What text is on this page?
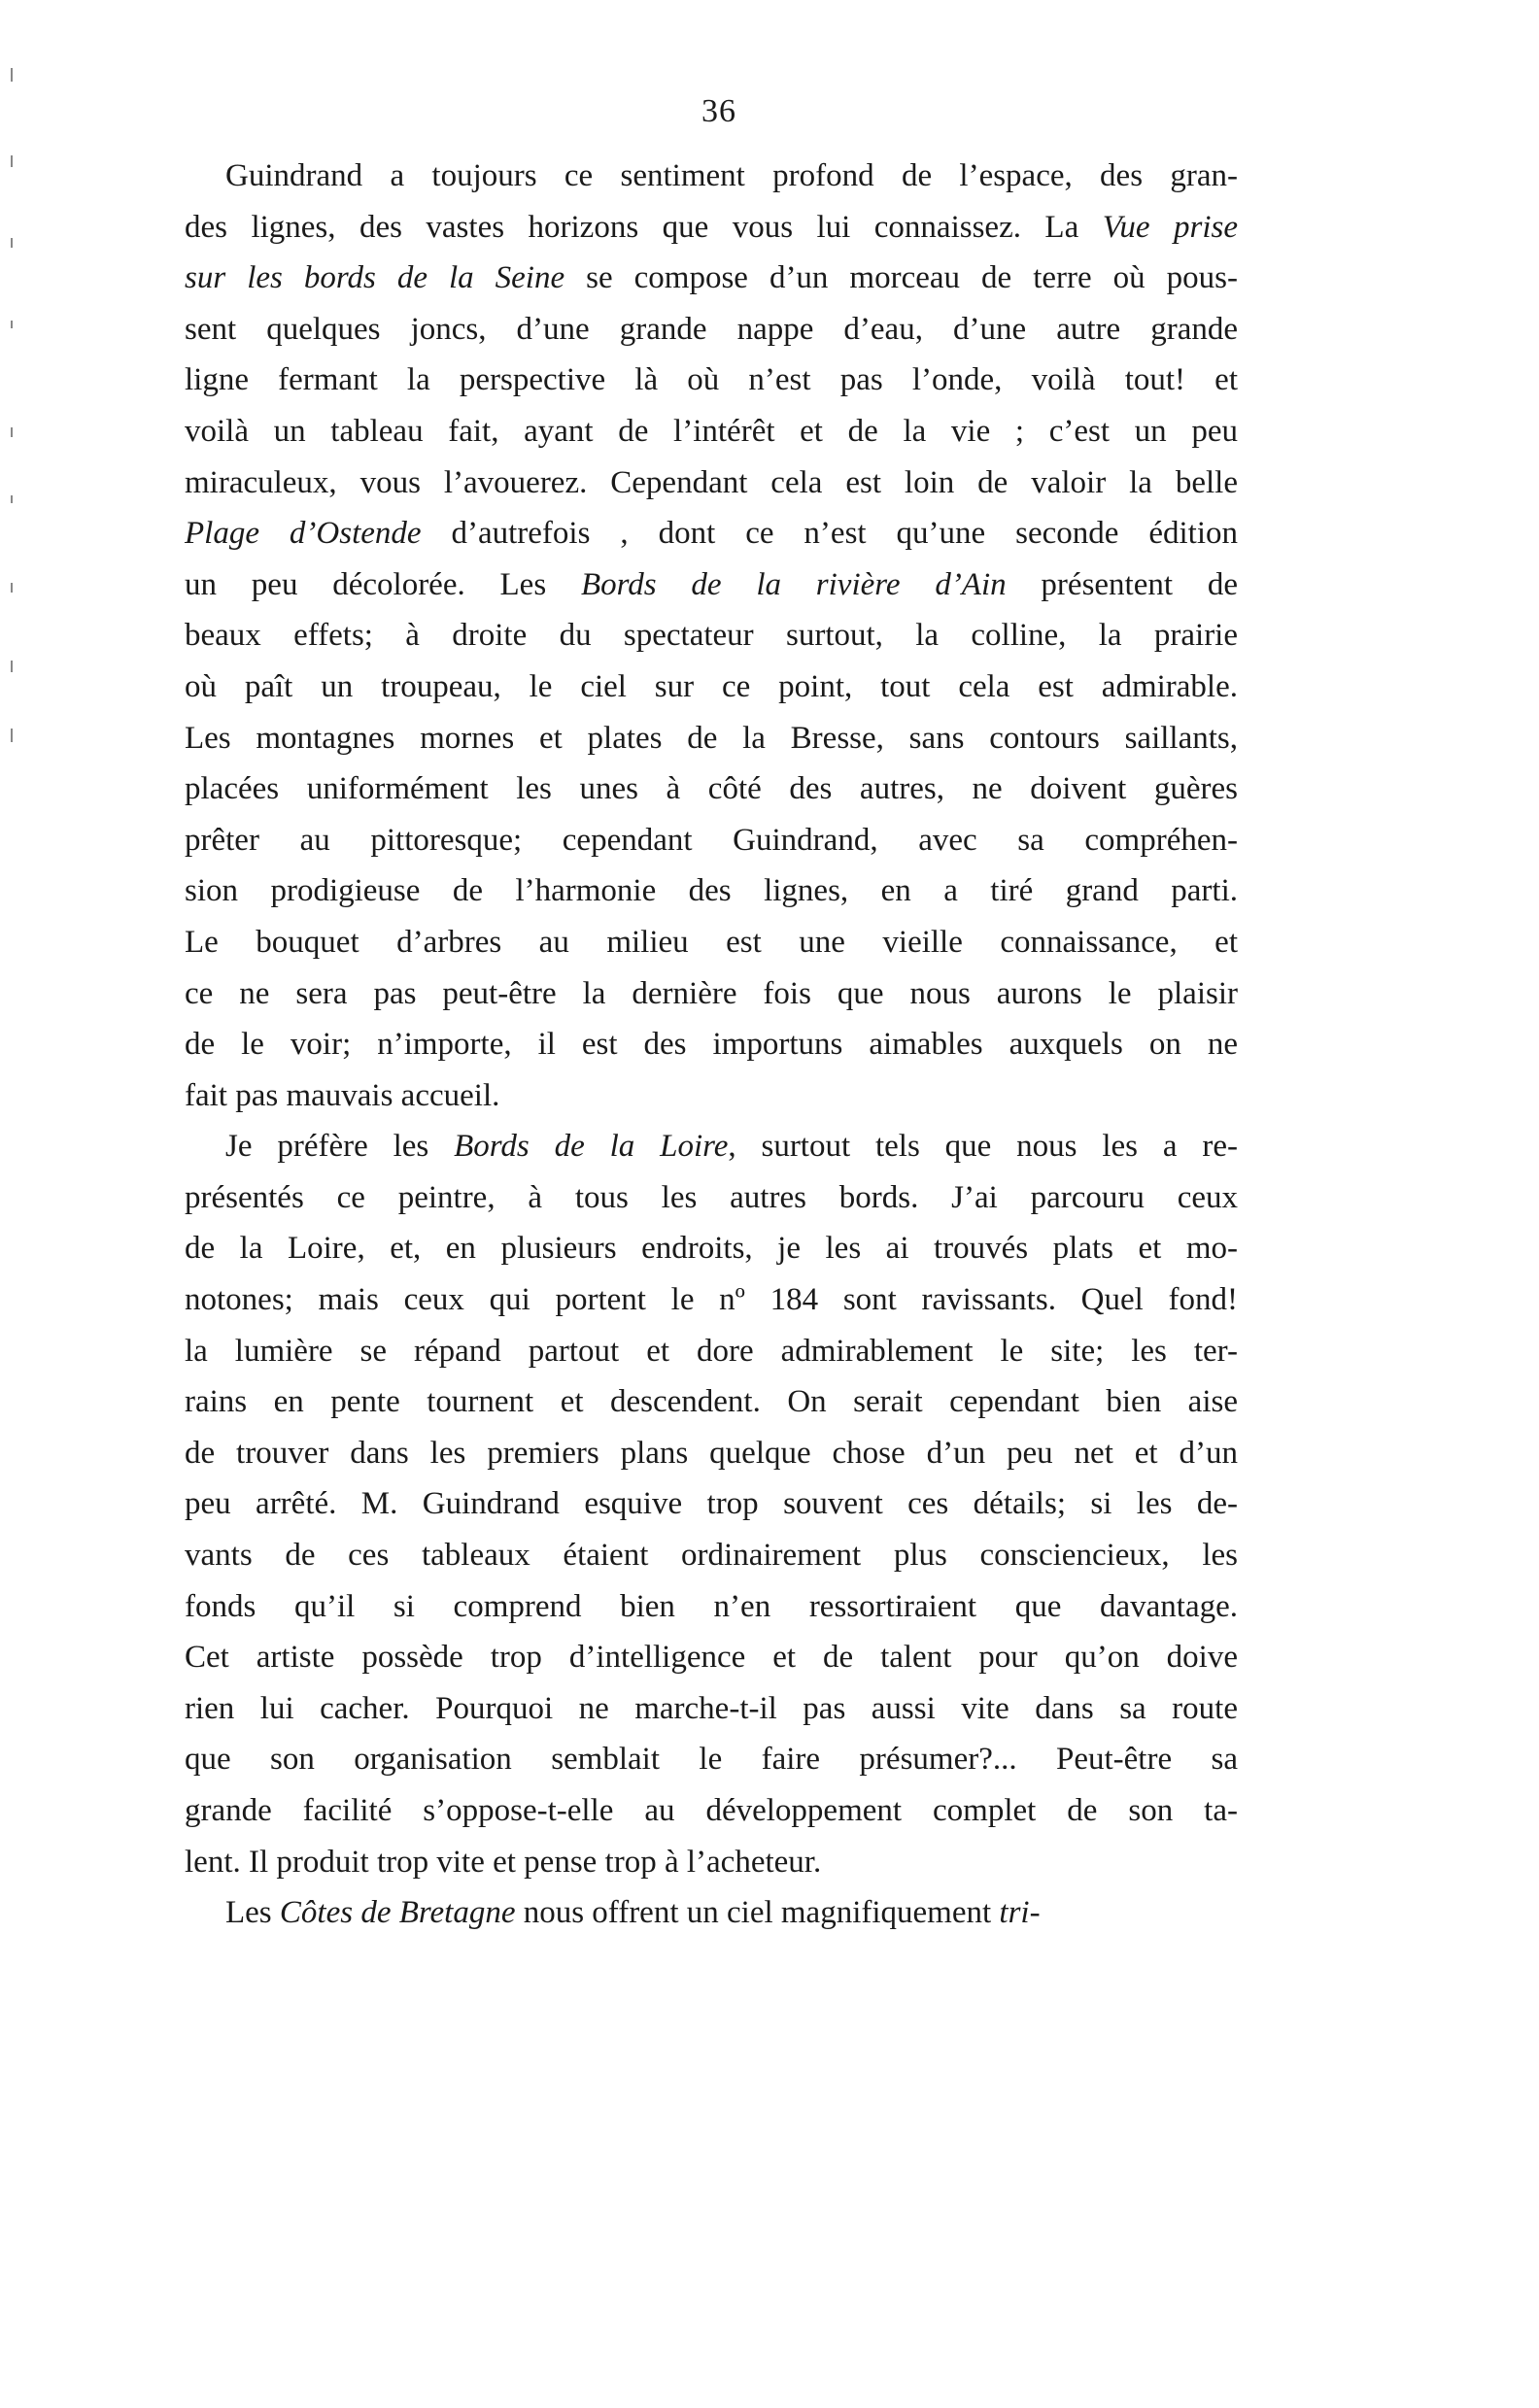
36
Guindrand a toujours ce sentiment profond de l’espace, des gran-
des lignes, des vastes horizons que vous lui connaissez. La Vue prise
sur les bords de la Seine se compose d’un morceau de terre où pous-
sent quelques joncs, d’une grande nappe d’eau, d’une autre grande
ligne fermant la perspective là où n’est pas l’onde, voilà tout! et
voilà un tableau fait, ayant de l’intérêt et de la vie ; c’est un peu
miraculeux, vous l’avouerez. Cependant cela est loin de valoir la belle
Plage d’Ostende d’autrefois , dont ce n’est qu’une seconde édition
un peu décolorée. Les Bords de la rivière d’Ain présentent de
beaux effets; à droite du spectateur surtout, la colline, la prairie
où paît un troupeau, le ciel sur ce point, tout cela est admirable.
Les montagnes mornes et plates de la Bresse, sans contours saillants,
placées uniformément les unes à côté des autres, ne doivent guères
prêter au pittoresque; cependant Guindrand, avec sa compréhen-
sion prodigieuse de l’harmonie des lignes, en a tiré grand parti.
Le bouquet d’arbres au milieu est une vieille connaissance, et
ce ne sera pas peut-être la dernière fois que nous aurons le plaisir
de le voir; n’importe, il est des importuns aimables auxquels on ne
fait pas mauvais accueil.
Je préfère les Bords de la Loire, surtout tels que nous les a re-
présentés ce peintre, à tous les autres bords. J’ai parcouru ceux
de la Loire, et, en plusieurs endroits, je les ai trouvés plats et mo-
notones; mais ceux qui portent le nº 184 sont ravissants. Quel fond!
la lumière se répand partout et dore admirablement le site; les ter-
rains en pente tournent et descendent. On serait cependant bien aise
de trouver dans les premiers plans quelque chose d’un peu net et d’un
peu arrêté. M. Guindrand esquive trop souvent ces détails; si les de-
vants de ces tableaux étaient ordinairement plus consciencieux, les
fonds qu’il si comprend bien n’en ressortiraient que davantage.
Cet artiste possède trop d’intelligence et de talent pour qu’on doive
rien lui cacher. Pourquoi ne marche-t-il pas aussi vite dans sa route
que son organisation semblait le faire présumer?... Peut-être sa
grande facilité s’oppose-t-elle au développement complet de son ta-
lent. Il produit trop vite et pense trop à l’acheteur.
Les Côtes de Bretagne nous offrent un ciel magnifiquement tri-
